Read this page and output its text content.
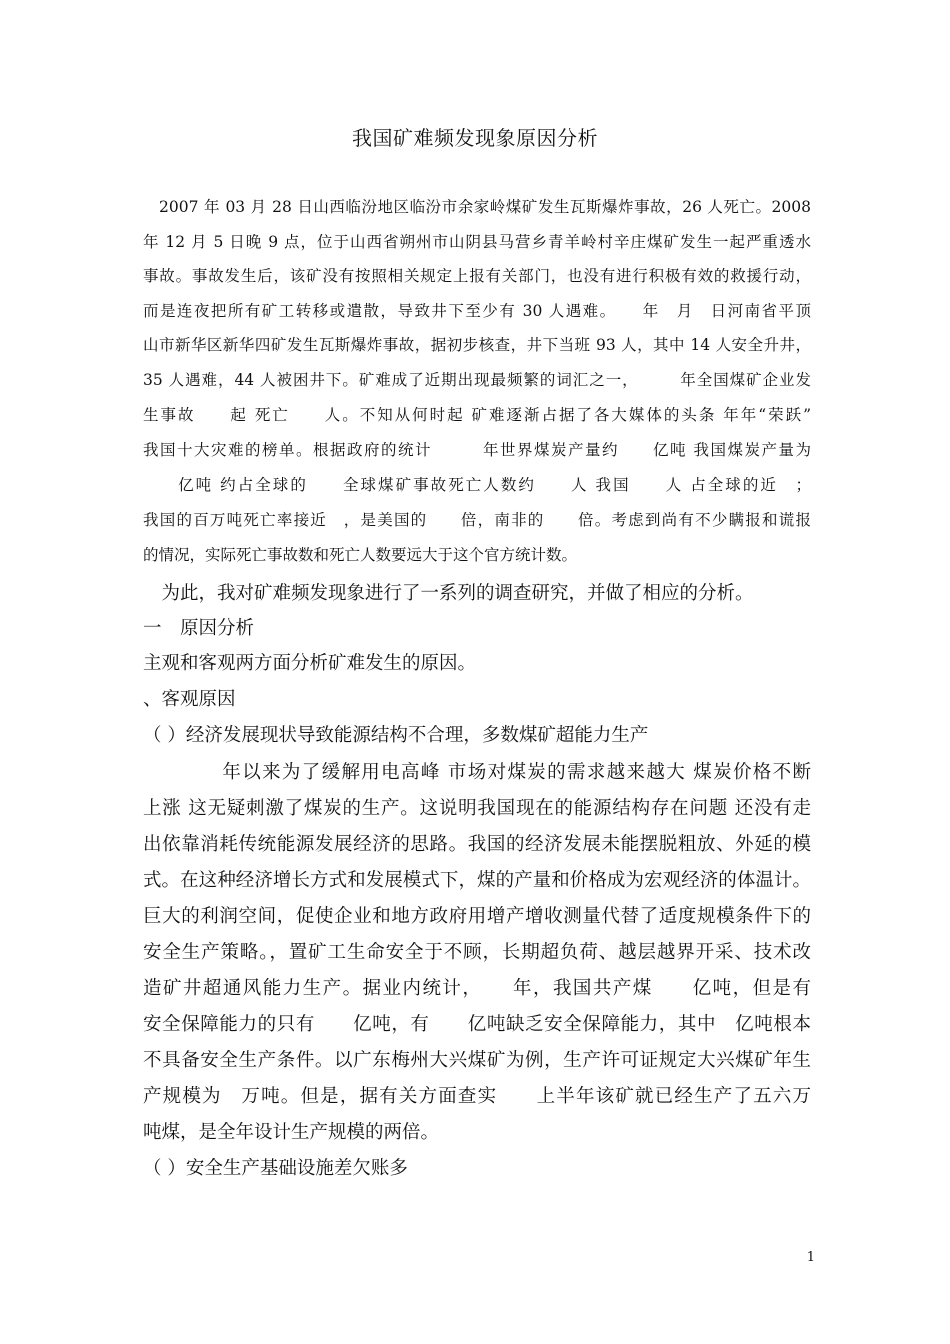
我国矿难频发现象原因分析
　2007 年 03 月 28 日山西临汾地区临汾市余家岭煤矿发生瓦斯爆炸事故，26 人死亡。2008
年 12 月 5 日晚 9 点，位于山西省朔州市山阴县马营乡青羊岭村辛庄煤矿发生一起严重透水
事故。事故发生后，该矿没有按照相关规定上报有关部门，也没有进行积极有效的救援行动，
而是连夜把所有矿工转移或遣散，导致井下至少有 30 人遇难。　　年　月　日河南省平顶
山市新华区新华四矿发生瓦斯爆炸事故，据初步核查，井下当班 93 人，其中 14 人安全升井，
35 人遇难，44 人被困井下。矿难成了近期出现最频繁的词汇之一，　　　年全国煤矿企业发
生事故　　起 死亡　　人。不知从何时起 矿难逐渐占据了各大媒体的头条 年年“荣跃”
我国十大灾难的榜单。根据政府的统计　　　年世界煤炭产量约　　亿吨 我国煤炭产量为
　　亿吨 约占全球的　　全球煤矿事故死亡人数约　　人 我国　　人 占全球的近　；
我国的百万吨死亡率接近　，是美国的　　倍，南非的　　倍。考虑到尚有不少瞒报和谎报
的情况，实际死亡事故数和死亡人数要远大于这个官方统计数。
　为此，我对矿难频发现象进行了一系列的调查研究，并做了相应的分析。
一　原因分析
主观和客观两方面分析矿难发生的原因。
、客观原因
（ ）经济发展现状导致能源结构不合理，多数煤矿超能力生产
　　　　年以来为了缓解用电高峰 市场对煤炭的需求越来越大 煤炭价格不断
上涨 这无疑刺激了煤炭的生产。这说明我国现在的能源结构存在问题 还没有走
出依靠消耗传统能源发展经济的思路。我国的经济发展未能摆脱粗放、外延的模
式。在这种经济增长方式和发展模式下，煤的产量和价格成为宏观经济的体温计。
巨大的利润空间，促使企业和地方政府用增产增收测量代替了适度规模条件下的
安全生产策略。，置矿工生命安全于不顾，长期超负荷、越层越界开采、技术改
造矿井超通风能力生产。据业内统计，　　年，我国共产煤　　亿吨，但是有
安全保障能力的只有　　亿吨，有　　亿吨缺乏安全保障能力，其中　亿吨根本
不具备安全生产条件。以广东梅州大兴煤矿为例，生产许可证规定大兴煤矿年生
产规模为　万吨。但是，据有关方面查实　　上半年该矿就已经生产了五六万
吨煤，是全年设计生产规模的两倍。
（ ）安全生产基础设施差欠账多
1
